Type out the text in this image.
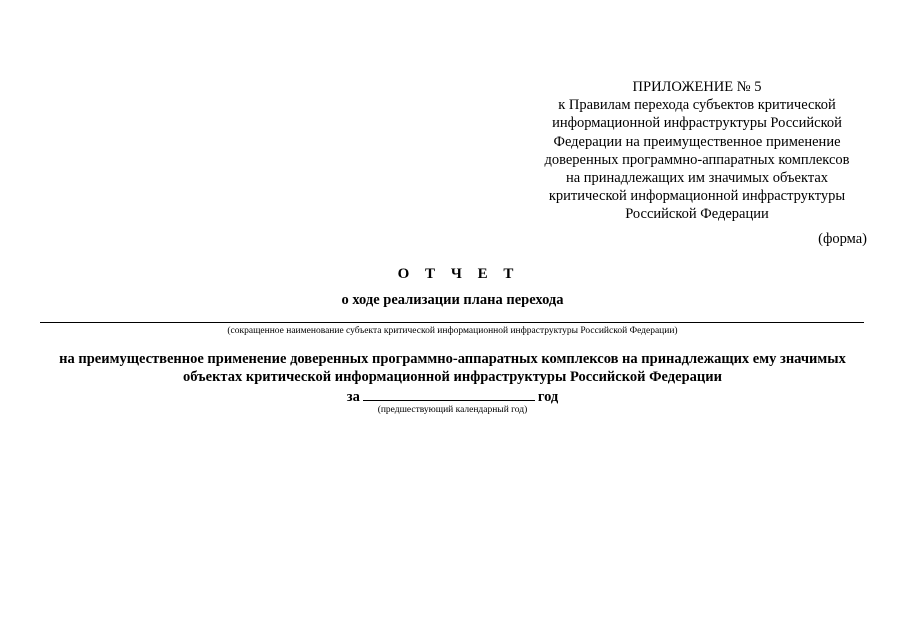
ПРИЛОЖЕНИЕ № 5
к Правилам перехода субъектов критической
информационной инфраструктуры Российской
Федерации на преимущественное применение
доверенных программно-аппаратных комплексов
на принадлежащих им значимых объектах
критической информационной инфраструктуры
Российской Федерации
(форма)
О Т Ч Е Т
о ходе реализации плана перехода
(сокращенное наименование субъекта критической информационной инфраструктуры Российской Федерации)
на преимущественное применение доверенных программно-аппаратных комплексов на принадлежащих ему значимых
объектах критической информационной инфраструктуры Российской Федерации
за	год
(предшествующий календарный год)
